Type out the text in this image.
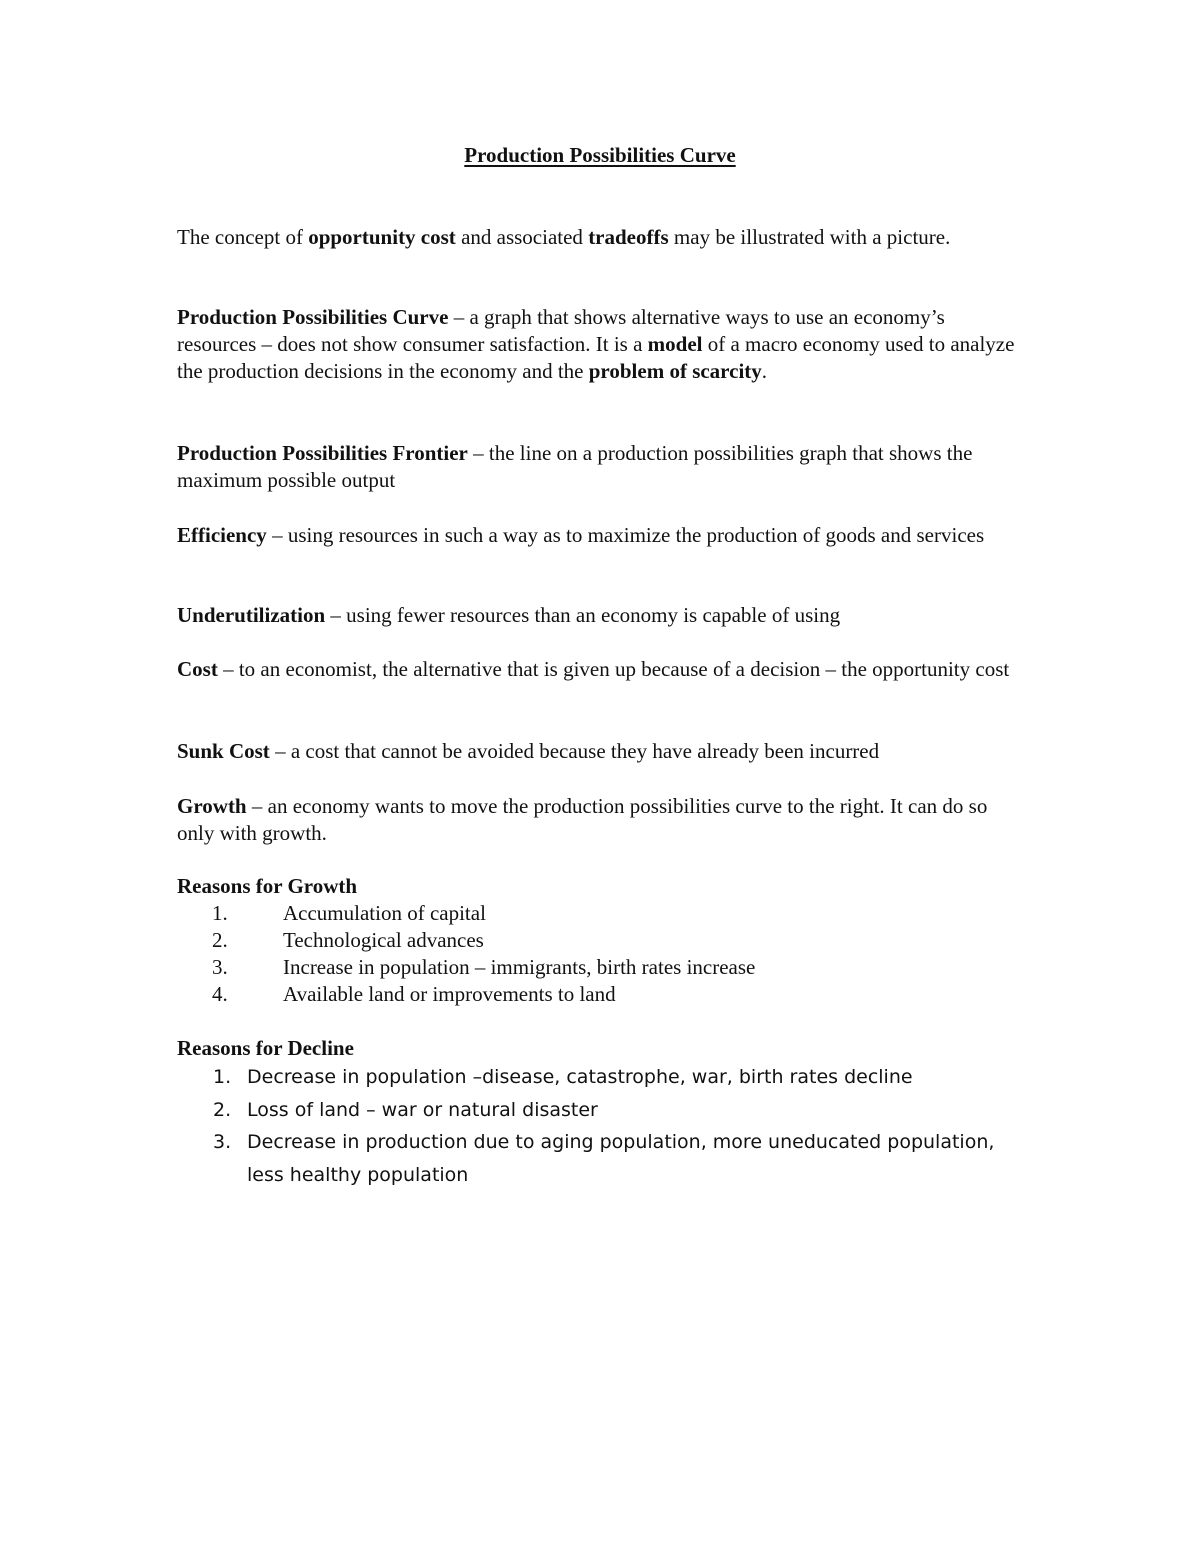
Production Possibilities Curve

The concept of opportunity cost and associated tradeoffs may be illustrated with a picture.

Production Possibilities Curve – a graph that shows alternative ways to use an economy’s resources – does not show consumer satisfaction. It is a model of a macro economy used to analyze the production decisions in the economy and the problem of scarcity.

Production Possibilities Frontier – the line on a production possibilities graph that shows the maximum possible output

Efficiency – using resources in such a way as to maximize the production of goods and services

Underutilization – using fewer resources than an economy is capable of using

Cost – to an economist, the alternative that is given up because of a decision – the opportunity cost

Sunk Cost – a cost that cannot be avoided because they have already been incurred

Growth – an economy wants to move the production possibilities curve to the right. It can do so only with growth.

Reasons for Growth

1.	Accumulation of capital
2.	Technological advances
3.	Increase in population – immigrants, birth rates increase
4.	Available land or improvements to land

Reasons for Decline

1. Decrease in population –disease, catastrophe, war, birth rates decline
2. Loss of land – war or natural disaster
3. Decrease in production due to aging population, more uneducated population, less healthy population
